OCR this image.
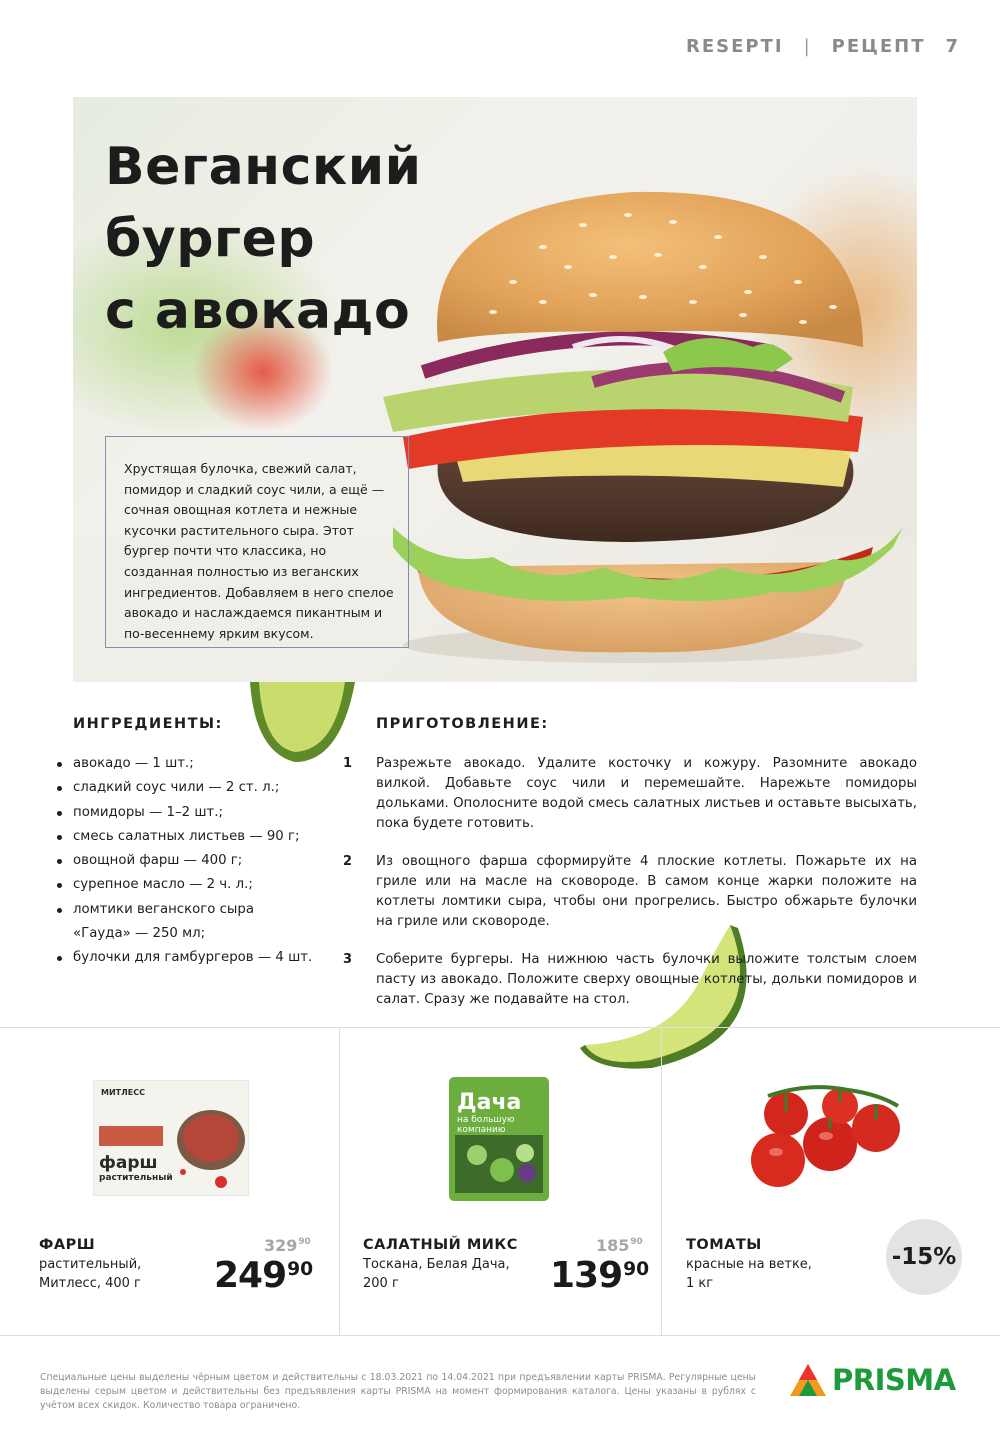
RESEPTI | РЕЦЕПТ 7
Веганский
бургер
с авокадо

Хрустящая булочка, свежий салат, помидор и сладкий соус чили, а ещё — сочная овощная котлета и нежные кусочки растительного сыра. Этот бургер почти что классика, но созданная полностью из веганских ингредиентов. Добавляем в него спелое авокадо и наслаждаемся пикантным и по-весеннему ярким вкусом.

ИНГРЕДИЕНТЫ:
авокадо — 1 шт.;
сладкий соус чили — 2 ст. л.;
помидоры — 1–2 шт.;
смесь салатных листьев — 90 г;
овощной фарш — 400 г;
сурепное масло — 2 ч. л.;
ломтики веганского сыра «Гауда» — 250 мл;
булочки для гамбургеров — 4 шт.
ПРИГОТОВЛЕНИЕ:
1 Разрежьте авокадо. Удалите косточку и кожуру. Разомните авокадо вилкой. Добавьте соус чили и перемешайте. Нарежьте помидоры дольками. Ополосните водой смесь салатных листьев и оставьте высыхать, пока будете готовить.

2 Из овощного фарша сформируйте 4 плоские котлеты. Пожарьте их на гриле или на масле на сковороде. В самом конце жарки положите на котлеты ломтики сыра, чтобы они прогрелись. Быстро обжарьте булочки на гриле или сковороде.

3 Соберите бургеры. На нижнюю часть булочки выложите толстым слоем пасту из авокадо. Положите сверху овощные котлеты, дольки помидоров и салат. Сразу же подавайте на стол.

МИТЛЕСС
фарш
растительный
ФАРШ
растительный, Митлесс, 400 г
$329^{90}$
$249^{90}$
Дача
на большую
компанию
САЛАТНЫЙ МИКС
Тоскана, Белая Дача, 200 г
$185^{90}$
$139^{90}$
ТОМАТЫ
красные на ветке, 1 кг
-15%

Специальные цены выделены чёрным цветом и действительны с 18.03.2021 по 14.04.2021 при предъявлении карты PRISMA. Регулярные цены выделены серым цветом и действительны без предъявления карты PRISMA на момент формирования каталога. Цены указаны в рублях с учётом всех скидок. Количество товара ограничено.

PRISMA
